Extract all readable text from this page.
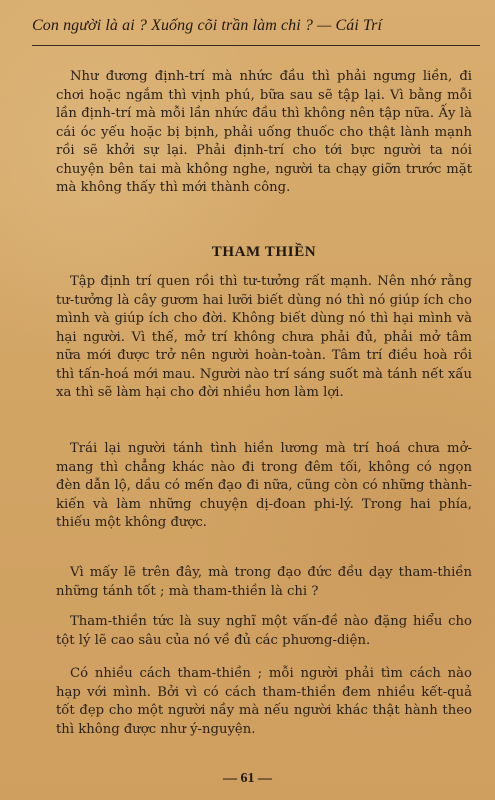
Con người là ai ? Xuống cõi trần làm chi ? — Cái Trí

Như đương định-trí mà nhức đầu thì phải ngưng liền, đi chơi hoặc ngắm thì vịnh phú, bữa sau sẽ tập lại. Vì bằng mỗi lần định-trí mà mỗi lần nhức đầu thì không nên tập nữa. Ấy là cái óc yếu hoặc bị bịnh, phải uống thuốc cho thật lành mạnh rồi sẽ khởi sự lại. Phải định-trí cho tới bực người ta nói chuyện bên tai mà không nghe, người ta chạy giỡn trước mặt mà không thấy thì mới thành công.

THAM THIỀN

Tập định trí quen rồi thì tư-tưởng rất mạnh. Nên nhớ rằng tư-tưởng là cây gươm hai lưỡi biết dùng nó thì nó giúp ích cho mình và giúp ích cho đời. Không biết dùng nó thì hại mình và hại người. Vì thế, mở trí không chưa phải đủ, phải mở tâm nữa mới được trở nên người hoàn-toàn. Tâm trí điều hoà rồi thì tấn-hoá mới mau. Người nào trí sáng suốt mà tánh nết xấu xa thì sẽ làm hại cho đời nhiều hơn làm lợi.

Trái lại người tánh tình hiền lương mà trí hoá chưa mở-mang thì chẳng khác nào đi trong đêm tối, không có ngọn đèn dẫn lộ, dầu có mến đạo đi nữa, cũng còn có những thành-kiến và làm những chuyện dị-đoan phi-lý. Trong hai phía, thiếu một không được.

Vì mấy lẽ trên đây, mà trong đạo đức đều dạy tham-thiền những tánh tốt ; mà tham-thiền là chi ?

Tham-thiền tức là suy nghĩ một vấn-đề nào đặng hiểu cho tột lý lẽ cao sâu của nó về đủ các phương-diện.

Có nhiều cách tham-thiền ; mỗi người phải tìm cách nào hạp với mình. Bởi vì có cách tham-thiền đem nhiều kết-quả tốt đẹp cho một người nầy mà nếu người khác thật hành theo thì không được như ý-nguyện.

— 61 —
